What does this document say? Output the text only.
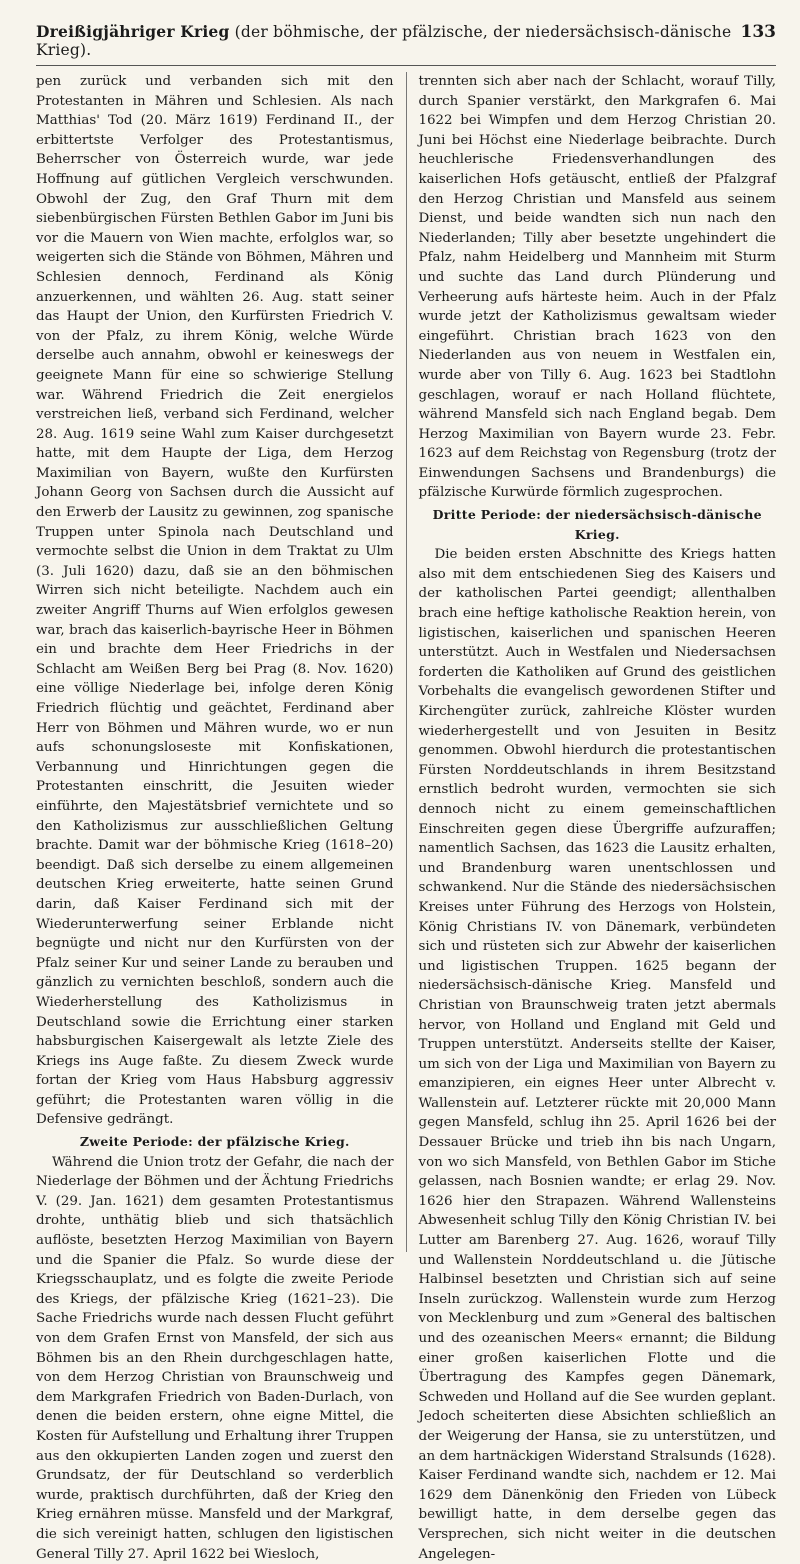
Dreißigjähriger Krieg (der böhmische, der pfälzische, der niedersächsisch-dänische Krieg).
133

pen zurück und verbanden sich mit den Protestanten in Mähren und Schlesien. Als nach Matthias' Tod (20. März 1619) Ferdinand II., der erbittertste Verfolger des Protestantismus, Beherrscher von Österreich wurde, war jede Hoffnung auf gütlichen Vergleich verschwunden. Obwohl der Zug, den Graf Thurn mit dem siebenbürgischen Fürsten Bethlen Gabor im Juni bis vor die Mauern von Wien machte, erfolglos war, so weigerten sich die Stände von Böhmen, Mähren und Schlesien dennoch, Ferdinand als König anzuerkennen, und wählten 26. Aug. statt seiner das Haupt der Union, den Kurfürsten Friedrich V. von der Pfalz, zu ihrem König, welche Würde derselbe auch annahm, obwohl er keineswegs der geeignete Mann für eine so schwierige Stellung war. Während Friedrich die Zeit energielos verstreichen ließ, verband sich Ferdinand, welcher 28. Aug. 1619 seine Wahl zum Kaiser durchgesetzt hatte, mit dem Haupte der Liga, dem Herzog Maximilian von Bayern, wußte den Kurfürsten Johann Georg von Sachsen durch die Aussicht auf den Erwerb der Lausitz zu gewinnen, zog spanische Truppen unter Spinola nach Deutschland und vermochte selbst die Union in dem Traktat zu Ulm (3. Juli 1620) dazu, daß sie an den böhmischen Wirren sich nicht beteiligte. Nachdem auch ein zweiter Angriff Thurns auf Wien erfolglos gewesen war, brach das kaiserlich-bayrische Heer in Böhmen ein und brachte dem Heer Friedrichs in der Schlacht am Weißen Berg bei Prag (8. Nov. 1620) eine völlige Niederlage bei, infolge deren König Friedrich flüchtig und geächtet, Ferdinand aber Herr von Böhmen und Mähren wurde, wo er nun aufs schonungsloseste mit Konfiskationen, Verbannung und Hinrichtungen gegen die Protestanten einschritt, die Jesuiten wieder einführte, den Majestätsbrief vernichtete und so den Katholizismus zur ausschließlichen Geltung brachte. Damit war der böhmische Krieg (1618–20) beendigt. Daß sich derselbe zu einem allgemeinen deutschen Krieg erweiterte, hatte seinen Grund darin, daß Kaiser Ferdinand sich mit der Wiederunterwerfung seiner Erblande nicht begnügte und nicht nur den Kurfürsten von der Pfalz seiner Kur und seiner Lande zu berauben und gänzlich zu vernichten beschloß, sondern auch die Wiederherstellung des Katholizismus in Deutschland sowie die Errichtung einer starken habsburgischen Kaisergewalt als letzte Ziele des Kriegs ins Auge faßte. Zu diesem Zweck wurde fortan der Krieg vom Haus Habsburg aggressiv geführt; die Protestanten waren völlig in die Defensive gedrängt.

Zweite Periode: der pfälzische Krieg.

Während die Union trotz der Gefahr, die nach der Niederlage der Böhmen und der Ächtung Friedrichs V. (29. Jan. 1621) dem gesamten Protestantismus drohte, unthätig blieb und sich thatsächlich auflöste, besetzten Herzog Maximilian von Bayern und die Spanier die Pfalz. So wurde diese der Kriegsschauplatz, und es folgte die zweite Periode des Kriegs, der pfälzische Krieg (1621–23). Die Sache Friedrichs wurde nach dessen Flucht geführt von dem Grafen Ernst von Mansfeld, der sich aus Böhmen bis an den Rhein durchgeschlagen hatte, von dem Herzog Christian von Braunschweig und dem Markgrafen Friedrich von Baden-Durlach, von denen die beiden erstern, ohne eigne Mittel, die Kosten für Aufstellung und Erhaltung ihrer Truppen aus den okkupierten Landen zogen und zuerst den Grundsatz, der für Deutschland so verderblich wurde, praktisch durchführten, daß der Krieg den Krieg ernähren müsse. Mansfeld und der Markgraf, die sich vereinigt hatten, schlugen den ligistischen General Tilly 27. April 1622 bei Wiesloch,

trennten sich aber nach der Schlacht, worauf Tilly, durch Spanier verstärkt, den Markgrafen 6. Mai 1622 bei Wimpfen und dem Herzog Christian 20. Juni bei Höchst eine Niederlage beibrachte. Durch heuchlerische Friedensverhandlungen des kaiserlichen Hofs getäuscht, entließ der Pfalzgraf den Herzog Christian und Mansfeld aus seinem Dienst, und beide wandten sich nun nach den Niederlanden; Tilly aber besetzte ungehindert die Pfalz, nahm Heidelberg und Mannheim mit Sturm und suchte das Land durch Plünderung und Verheerung aufs härteste heim. Auch in der Pfalz wurde jetzt der Katholizismus gewaltsam wieder eingeführt. Christian brach 1623 von den Niederlanden aus von neuem in Westfalen ein, wurde aber von Tilly 6. Aug. 1623 bei Stadtlohn geschlagen, worauf er nach Holland flüchtete, während Mansfeld sich nach England begab. Dem Herzog Maximilian von Bayern wurde 23. Febr. 1623 auf dem Reichstag von Regensburg (trotz der Einwendungen Sachsens und Brandenburgs) die pfälzische Kurwürde förmlich zugesprochen.

Dritte Periode: der niedersächsisch-dänische Krieg.

Die beiden ersten Abschnitte des Kriegs hatten also mit dem entschiedenen Sieg des Kaisers und der katholischen Partei geendigt; allenthalben brach eine heftige katholische Reaktion herein, von ligistischen, kaiserlichen und spanischen Heeren unterstützt. Auch in Westfalen und Niedersachsen forderten die Katholiken auf Grund des geistlichen Vorbehalts die evangelisch gewordenen Stifter und Kirchengüter zurück, zahlreiche Klöster wurden wiederhergestellt und von Jesuiten in Besitz genommen. Obwohl hierdurch die protestantischen Fürsten Norddeutschlands in ihrem Besitzstand ernstlich bedroht wurden, vermochten sie sich dennoch nicht zu einem gemeinschaftlichen Einschreiten gegen diese Übergriffe aufzuraffen; namentlich Sachsen, das 1623 die Lausitz erhalten, und Brandenburg waren unentschlossen und schwankend. Nur die Stände des niedersächsischen Kreises unter Führung des Herzogs von Holstein, König Christians IV. von Dänemark, verbündeten sich und rüsteten sich zur Abwehr der kaiserlichen und ligistischen Truppen. 1625 begann der niedersächsisch-dänische Krieg. Mansfeld und Christian von Braunschweig traten jetzt abermals hervor, von Holland und England mit Geld und Truppen unterstützt. Anderseits stellte der Kaiser, um sich von der Liga und Maximilian von Bayern zu emanzipieren, ein eignes Heer unter Albrecht v. Wallenstein auf. Letzterer rückte mit 20,000 Mann gegen Mansfeld, schlug ihn 25. April 1626 bei der Dessauer Brücke und trieb ihn bis nach Ungarn, von wo sich Mansfeld, von Bethlen Gabor im Stiche gelassen, nach Bosnien wandte; er erlag 29. Nov. 1626 hier den Strapazen. Während Wallensteins Abwesenheit schlug Tilly den König Christian IV. bei Lutter am Barenberg 27. Aug. 1626, worauf Tilly und Wallenstein Norddeutschland u. die Jütische Halbinsel besetzten und Christian sich auf seine Inseln zurückzog. Wallenstein wurde zum Herzog von Mecklenburg und zum »General des baltischen und des ozeanischen Meers« ernannt; die Bildung einer großen kaiserlichen Flotte und die Übertragung des Kampfes gegen Dänemark, Schweden und Holland auf die See wurden geplant. Jedoch scheiterten diese Absichten schließlich an der Weigerung der Hansa, sie zu unterstützen, und an dem hartnäckigen Widerstand Stralsunds (1628). Kaiser Ferdinand wandte sich, nachdem er 12. Mai 1629 dem Dänenkönig den Frieden von Lübeck bewilligt hatte, in dem derselbe gegen das Versprechen, sich nicht weiter in die deutschen Angelegen-
